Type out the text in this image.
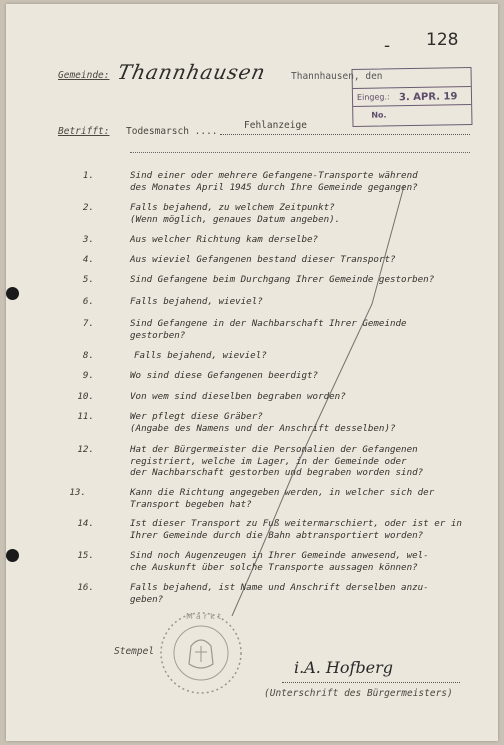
- 128
Gemeinde: Thannhausen Thannhausen, den
Eingeg.: 3. APR. 19
No.
Betrifft: Todesmarsch ....
Fehlanzeige
1.	Sind einer oder mehrere Gefangene-Transporte während
des Monates April 1945 durch Ihre Gemeinde gegangen?
2.	Falls bejahend, zu welchem Zeitpunkt?
(Wenn möglich, genaues Datum angeben).
3.	Aus welcher Richtung kam derselbe?
4.	Aus wieviel Gefangenen bestand dieser Transport?
5.	Sind Gefangene beim Durchgang Ihrer Gemeinde gestorben?
6.	Falls bejahend, wieviel?
7.	Sind Gefangene in der Nachbarschaft Ihrer Gemeinde
gestorben?
8.	Falls bejahend, wieviel?
9.	Wo sind diese Gefangenen beerdigt?
10.	Von wem sind dieselben begraben worden?
11.	Wer pflegt diese Gräber?
(Angabe des Namens und der Anschrift desselben)?
12.	Hat der Bürgermeister die Personalien der Gefangenen
registriert, welche im Lager, in der Gemeinde oder
der Nachbarschaft gestorben und begraben worden sind?
13.	Kann die Richtung angegeben werden, in welcher sich der
Transport begeben hat?
14.	Ist dieser Transport zu Fuß weitermarschiert, oder ist er in
Ihrer Gemeinde durch die Bahn abtransportiert worden?
15.	Sind noch Augenzeugen in Ihrer Gemeinde anwesend, wel-
che Auskunft über solche Transporte aussagen können?
16.	Falls bejahend, ist Name und Anschrift derselben anzu-
geben?
Stempel
Markt
i.A. Hofberg
(Unterschrift des Bürgermeisters)
